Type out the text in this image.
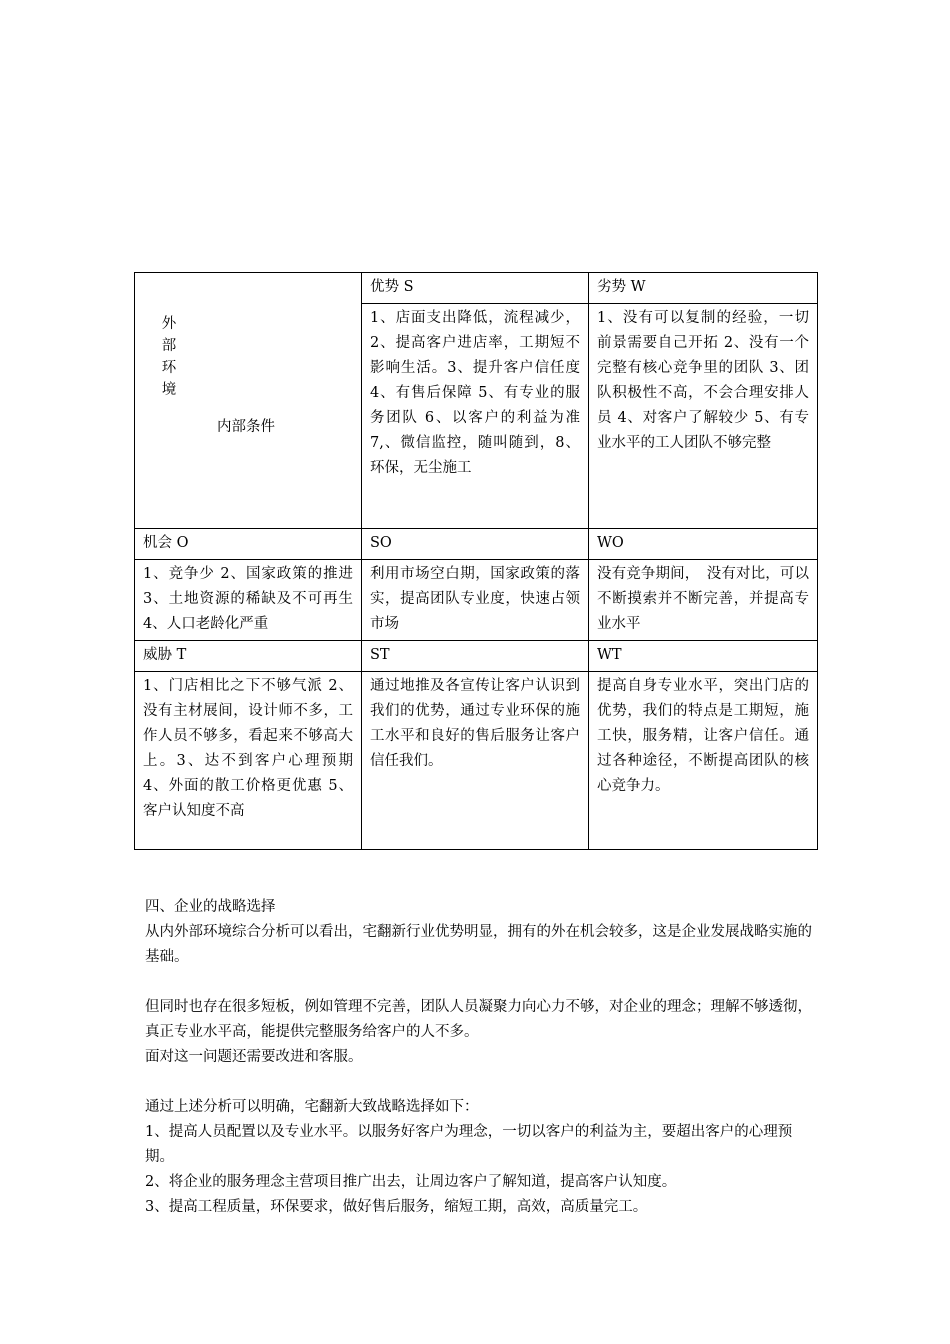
外
部
环
境
内部条件	优势 S	劣势 W
	1、店面支出降低，流程减少，2、提高客户进店率，工期短不影响生活。3、提升客户信任度 4、有售后保障 5、有专业的服务团队 6、以客户的利益为准 7,、微信监控，随叫随到，8、环保，无尘施工	1、没有可以复制的经验，一切前景需要自己开拓 2、没有一个完整有核心竞争里的团队 3、团队积极性不高，不会合理安排人员 4、对客户了解较少 5、有专业水平的工人团队不够完整
机会 O	SO	WO
1、竞争少 2、国家政策的推进 3、土地资源的稀缺及不可再生 4、人口老龄化严重	利用市场空白期，国家政策的落实，提高团队专业度，快速占领市场	没有竞争期间，　没有对比，可以不断摸索并不断完善，并提高专业水平
威胁 T	ST	WT
1、门店相比之下不够气派 2、没有主材展间，设计师不多，工作人员不够多，看起来不够高大上。3、达不到客户心理预期 4、外面的散工价格更优惠 5、客户认知度不高	通过地推及各宣传让客户认识到我们的优势，通过专业环保的施工水平和良好的售后服务让客户信任我们。	提高自身专业水平，突出门店的优势，我们的特点是工期短，施工快，服务精，让客户信任。通过各种途径，不断提高团队的核心竞争力。

四、企业的战略选择

从内外部环境综合分析可以看出，宅翻新行业优势明显，拥有的外在机会较多，这是企业发展战略实施的基础。

但同时也存在很多短板，例如管理不完善，团队人员凝聚力向心力不够，对企业的理念；理解不够透彻，真正专业水平高，能提供完整服务给客户的人不多。

面对这一问题还需要改进和客服。

通过上述分析可以明确，宅翻新大致战略选择如下：

1、提高人员配置以及专业水平。以服务好客户为理念，一切以客户的利益为主，要超出客户的心理预期。

2、将企业的服务理念主营项目推广出去，让周边客户了解知道，提高客户认知度。

3、提高工程质量，环保要求，做好售后服务，缩短工期，高效，高质量完工。
